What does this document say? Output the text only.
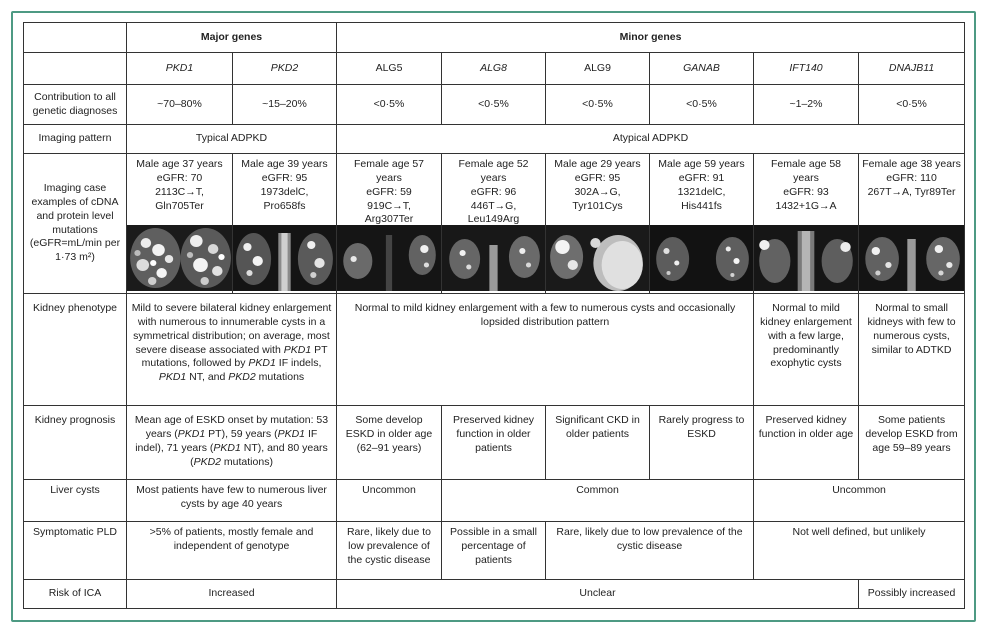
	Major genes		Minor genes					
	PKD1	PKD2	ALG5	ALG8	ALG9	GANAB	IFT140	DNAJB11
Contribution to all genetic diagnoses	~70–80%	~15–20%	<0·5%	<0·5%	<0·5%	<0·5%	~1–2%	<0·5%
Imaging pattern	Typical ADPKD		Atypical ADPKD					
Imaging case examples of cDNA and protein level mutations (eGFR=mL/min per 1·73 m²)	Male age 37 years
eGFR: 70
2113C→T,
Gln705Ter	Male age 39 years
eGFR: 95
1973delC,
Pro658fs	Female age 57 years
eGFR: 59
919C→T,
Arg307Ter	Female age 52 years
eGFR: 96
446T→G,
Leu149Arg	Male age 29 years
eGFR: 95
302A→G,
Tyr101Cys	Male age 59 years
eGFR: 91
1321delC,
His441fs	Female age 58 years
eGFR: 93
1432+1G→A	Female age 38 years
eGFR: 110
267T→A, Tyr89Ter

Kidney phenotype	Mild to severe bilateral kidney enlargement with numerous to innumerable cysts in a symmetrical distribution; on average, most severe disease associated with PKD1 PT mutations, followed by PKD1 IF indels, PKD1 NT, and PKD2 mutations		Normal to mild kidney enlargement with a few to numerous cysts and occasionally lopsided distribution pattern				Normal to mild kidney enlargement with a few large, predominantly exophytic cysts	Normal to small kidneys with few to numerous cysts, similar to ADTKD
Kidney prognosis	Mean age of ESKD onset by mutation: 53 years (PKD1 PT), 59 years (PKD1 IF indel), 71 years (PKD1 NT), and 80 years (PKD2 mutations)		Some develop ESKD in older age (62–91 years)	Preserved kidney function in older patients	Significant CKD in older patients	Rarely progress to ESKD	Preserved kidney function in older age	Some patients develop ESKD from age 59–89 years
Liver cysts	Most patients have few to numerous liver cysts by age 40 years		Uncommon	Common			Uncommon	
Symptomatic PLD	>5% of patients, mostly female and independent of genotype		Rare, likely due to low prevalence of the cystic disease	Possible in a small percentage of patients	Rare, likely due to low prevalence of the cystic disease		Not well defined, but unlikely	
Risk of ICA	Increased		Unclear					Possibly increased
